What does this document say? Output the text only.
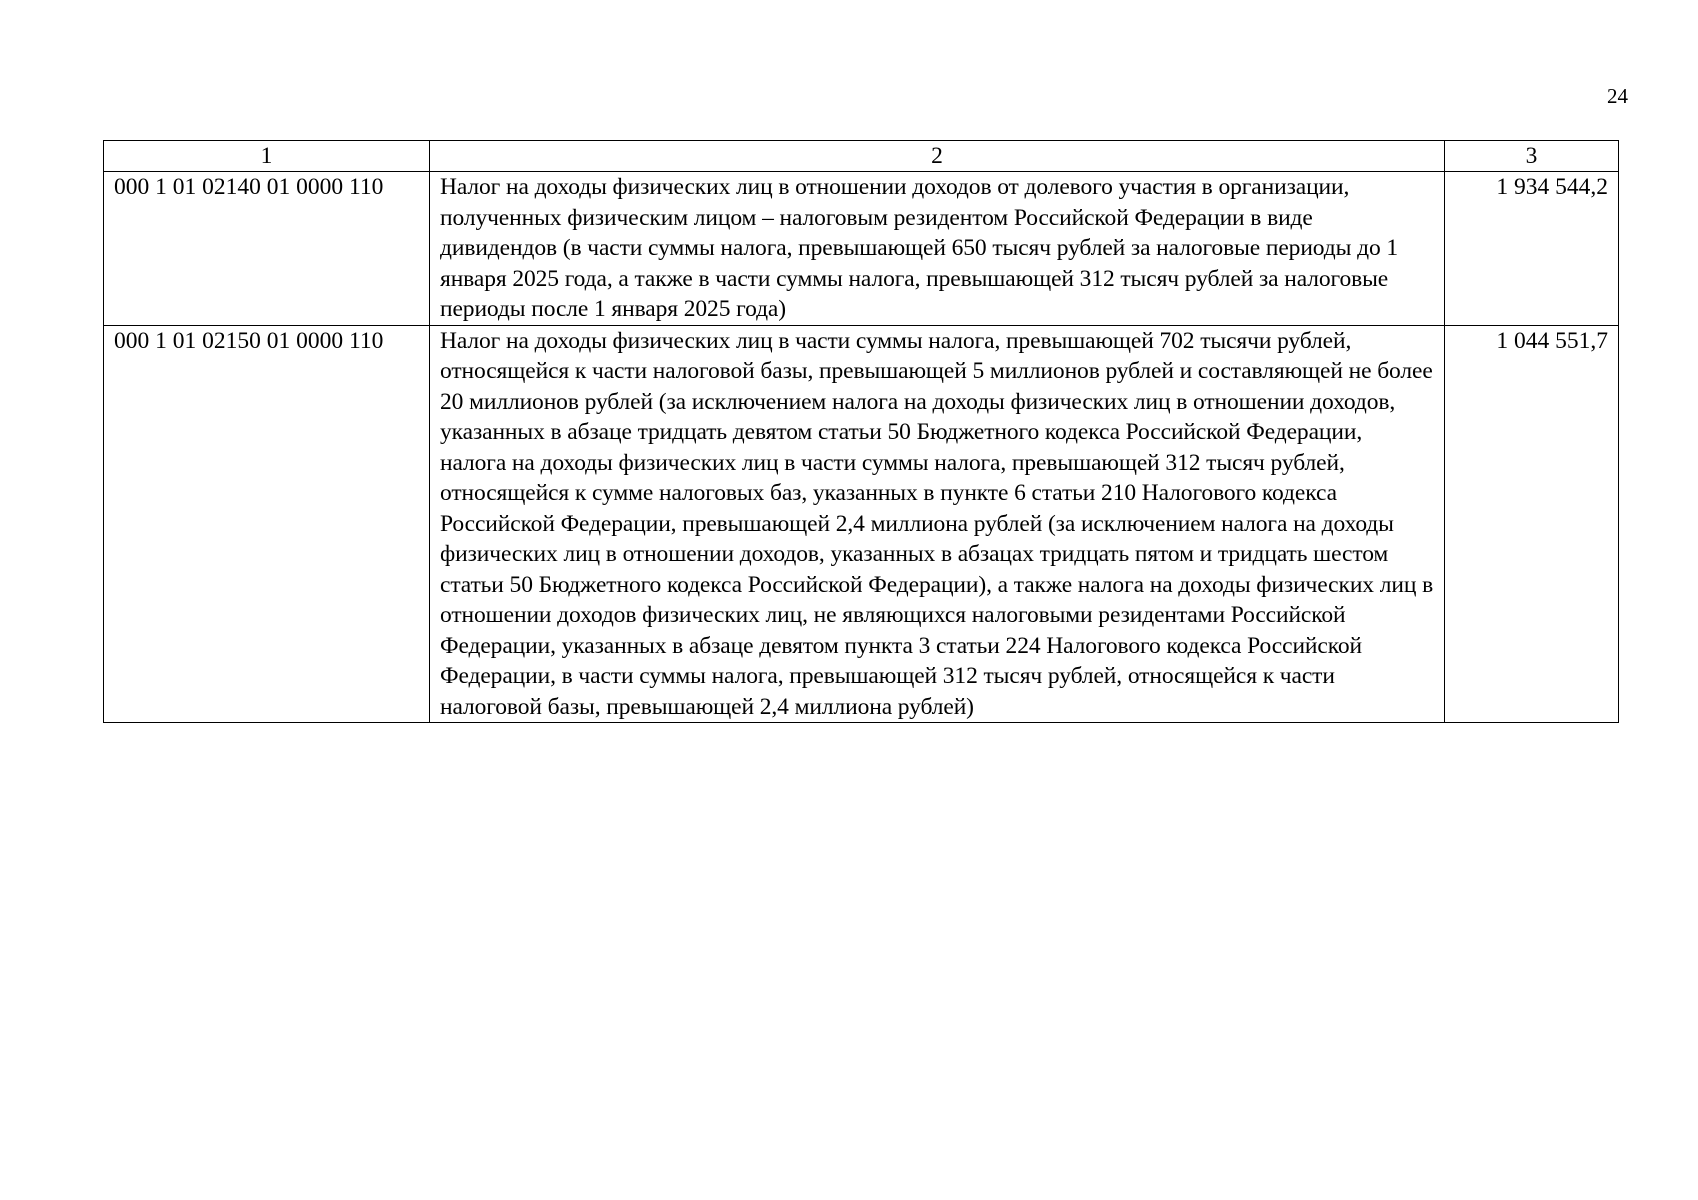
24
1	2	3
000 1 01 02140 01 0000 110	Налог на доходы физических лиц в отношении доходов от долевого участия в организации, полученных физическим лицом – налоговым резидентом Российской Федерации в виде дивидендов (в части суммы налога, превышающей 650 тысяч рублей за налоговые периоды до 1 января 2025 года, а также в части суммы налога, превышающей 312 тысяч рублей за налоговые периоды после 1 января 2025 года)	1 934 544,2
000 1 01 02150 01 0000 110	Налог на доходы физических лиц в части суммы налога, превышающей 702 тысячи рублей, относящейся к части налоговой базы, превышающей 5 миллионов рублей и составляющей не более 20 миллионов рублей (за исключением налога на доходы физических лиц в отношении доходов, указанных в абзаце тридцать девятом статьи 50 Бюджетного кодекса Российской Федерации, налога на доходы физических лиц в части суммы налога, превышающей 312 тысяч рублей, относящейся к сумме налоговых баз, указанных в пункте 6 статьи 210 Налогового кодекса Российской Федерации, превышающей 2,4 миллиона рублей (за исключением налога на доходы физических лиц в отношении доходов, указанных в абзацах тридцать пятом и тридцать шестом статьи 50 Бюджетного кодекса Российской Федерации), а также налога на доходы физических лиц в отношении доходов физических лиц, не являющихся налоговыми резидентами Российской Федерации, указанных в абзаце девятом пункта 3 статьи 224 Налогового кодекса Российской Федерации, в части суммы налога, превышающей 312 тысяч рублей, относящейся к части налоговой базы, превышающей 2,4 миллиона рублей)	1 044 551,7
